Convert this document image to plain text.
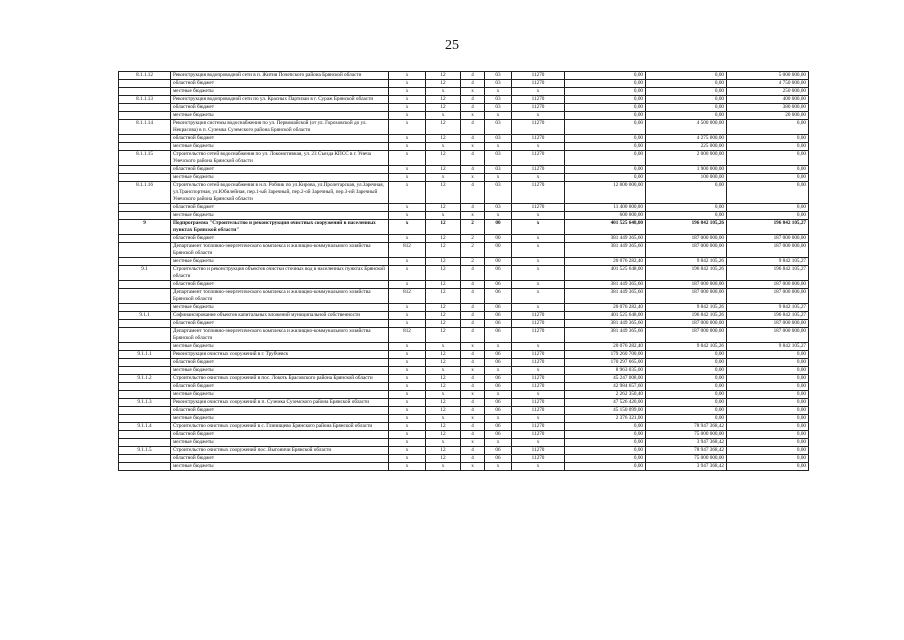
25
8.1.1.12	Реконструкция водопроводной сети в п. Житня Почепского района Брянской области	x	12	4	03	11270	0,00	0,00	5 000 000,00
	областной бюджет	x	12	4	03	11270	0,00	0,00	4 750 000,00
	местные бюджеты	x	x	x	x	x	0,00	0,00	250 000,00
8.1.1.13	Реконструкция водопроводной сети по ул. Красных Партизан в г. Сураж Брянской области	x	12	4	03	11270	0,00	0,00	400 000,00
	областной бюджет	x	12	4	03	11270	0,00	0,00	380 000,00
	местные бюджеты	x	x	x	x	x	0,00	0,00	20 000,00
8.1.1.14	Реконструкция системы водоснабжения по ул. Первомайской (от ул. Гороховской до ул. Некрасова) в п. Суземка Суземского района Брянской области	x	12	4	03	11270	0,00	4 500 000,00	0,00
	областной бюджет	x	12	4	03	11270	0,00	4 275 000,00	0,00
	местные бюджеты	x	x	x	x	x	0,00	225 000,00	0,00
8.1.1.15	Строительство сетей водоснабжения по ул. Локомотивная, ул. 23 Съезда КПСС в г. Унеча Унечского района Брянской области	x	12	4	03	11270	0,00	2 000 000,00	0,00
	областной бюджет	x	12	4	03	11270	0,00	1 900 000,00	0,00
	местные бюджеты	x	x	x	x	x	0,00	100 000,00	0,00
8.1.1.16	Строительство сетей водоснабжения в н.п. Робчик по ул.Кирова, ул.Пролетарская, ул.Заречная, ул.Транспортная, ул.Юбилейная, пер.1-ый Заречный, пер.2-ой Заречный, пер.3-ий Заречный Унечского района Брянской области	x	12	4	03	11270	12 000 000,00	0,00	0,00
	областной бюджет	x	12	4	03	11270	11 400 000,00	0,00	0,00
	местные бюджеты	x	x	x	x	x	600 000,00	0,00	0,00
9	Подпрограмма "Строительство и реконструкция очистных сооружений в населенных пунктах Брянской области"	x	12	2	00	x	401 525 648,00	196 842 105,26	196 842 105,27
	областной бюджет	x	12	2	00	x	381 449 365,60	187 000 000,00	187 000 000,00
	Департамент топливно-энергетического комплекса и жилищно-коммунального хозяйства Брянской области	812	12	2	00	x	381 449 365,60	187 000 000,00	187 000 000,00
	местные бюджеты	x	12	2	00	x	20 076 282,40	9 842 105,26	9 842 105,27
9.1	Строительство и реконструкция объектов очистки сточных вод в населенных пунктах Брянской области	x	12	4	06	x	401 525 648,00	196 842 105,26	196 842 105,27
	областной бюджет	x	12	4	06	x	381 449 365,60	187 000 000,00	187 000 000,00
	Департамент топливно-энергетического комплекса и жилищно-коммунального хозяйства Брянской области	812	12	4	06	x	381 449 365,60	187 000 000,00	187 000 000,00
	местные бюджеты	x	12	4	06	x	20 076 282,40	9 842 105,26	9 842 105,27
9.1.1	Софинансирование объектов капитальных вложений муниципальной собственности	x	12	4	06	11270	401 525 648,00	196 842 105,26	196 842 105,27
	областной бюджет	x	12	4	06	11270	381 449 365,60	187 000 000,00	187 000 000,00
	Департамент топливно-энергетического комплекса и жилищно-коммунального хозяйства Брянской области	812	12	4	06	11270	381 449 365,60	187 000 000,00	187 000 000,00
	местные бюджеты	x	x	x	x	x	20 076 282,40	9 842 105,26	9 842 105,27
9.1.1.1	Реконструкция очистных сооружений в г. Трубчевск	x	12	4	06	11270	179 260 700,00	0,00	0,00
	областной бюджет	x	12	4	06	11270	170 297 665,00	0,00	0,00
	местные бюджеты	x	x	x	x	x	8 963 035,00	0,00	0,00
9.1.1.2	Строительство очистных сооружений в пос. Локоть Брасовского района Брянской области	x	12	4	06	11270	45 247 008,00	0,00	0,00
	областной бюджет	x	12	4	06	11270	42 984 657,60	0,00	0,00
	местные бюджеты	x	x	x	x	x	2 262 350,40	0,00	0,00
9.1.1.3	Реконструкция очистных сооружений в п. Суземка Суземского района Брянской области	x	12	4	06	11270	47 526 420,00	0,00	0,00
	областной бюджет	x	12	4	06	11270	45 150 099,00	0,00	0,00
	местные бюджеты	x	x	x	x	x	2 376 321,00	0,00	0,00
9.1.1.4	Строительство очистных сооружений в с. Глинищево Брянского района Брянской области	x	12	4	06	11270	0,00	78 947 368,42	0,00
	областной бюджет	x	12	4	06	11270	0,00	75 000 000,00	0,00
	местные бюджеты	x	x	x	x	x	0,00	3 947 368,42	0,00
9.1.1.5	Строительство очистных сооружений пос. Выгоничи Брянской области	x	12	4	06	11270	0,00	78 947 368,42	0,00
	областной бюджет	x	12	4	06	11270	0,00	75 000 000,00	0,00
	местные бюджеты	x	x	x	x	x	0,00	3 947 368,42	0,00
